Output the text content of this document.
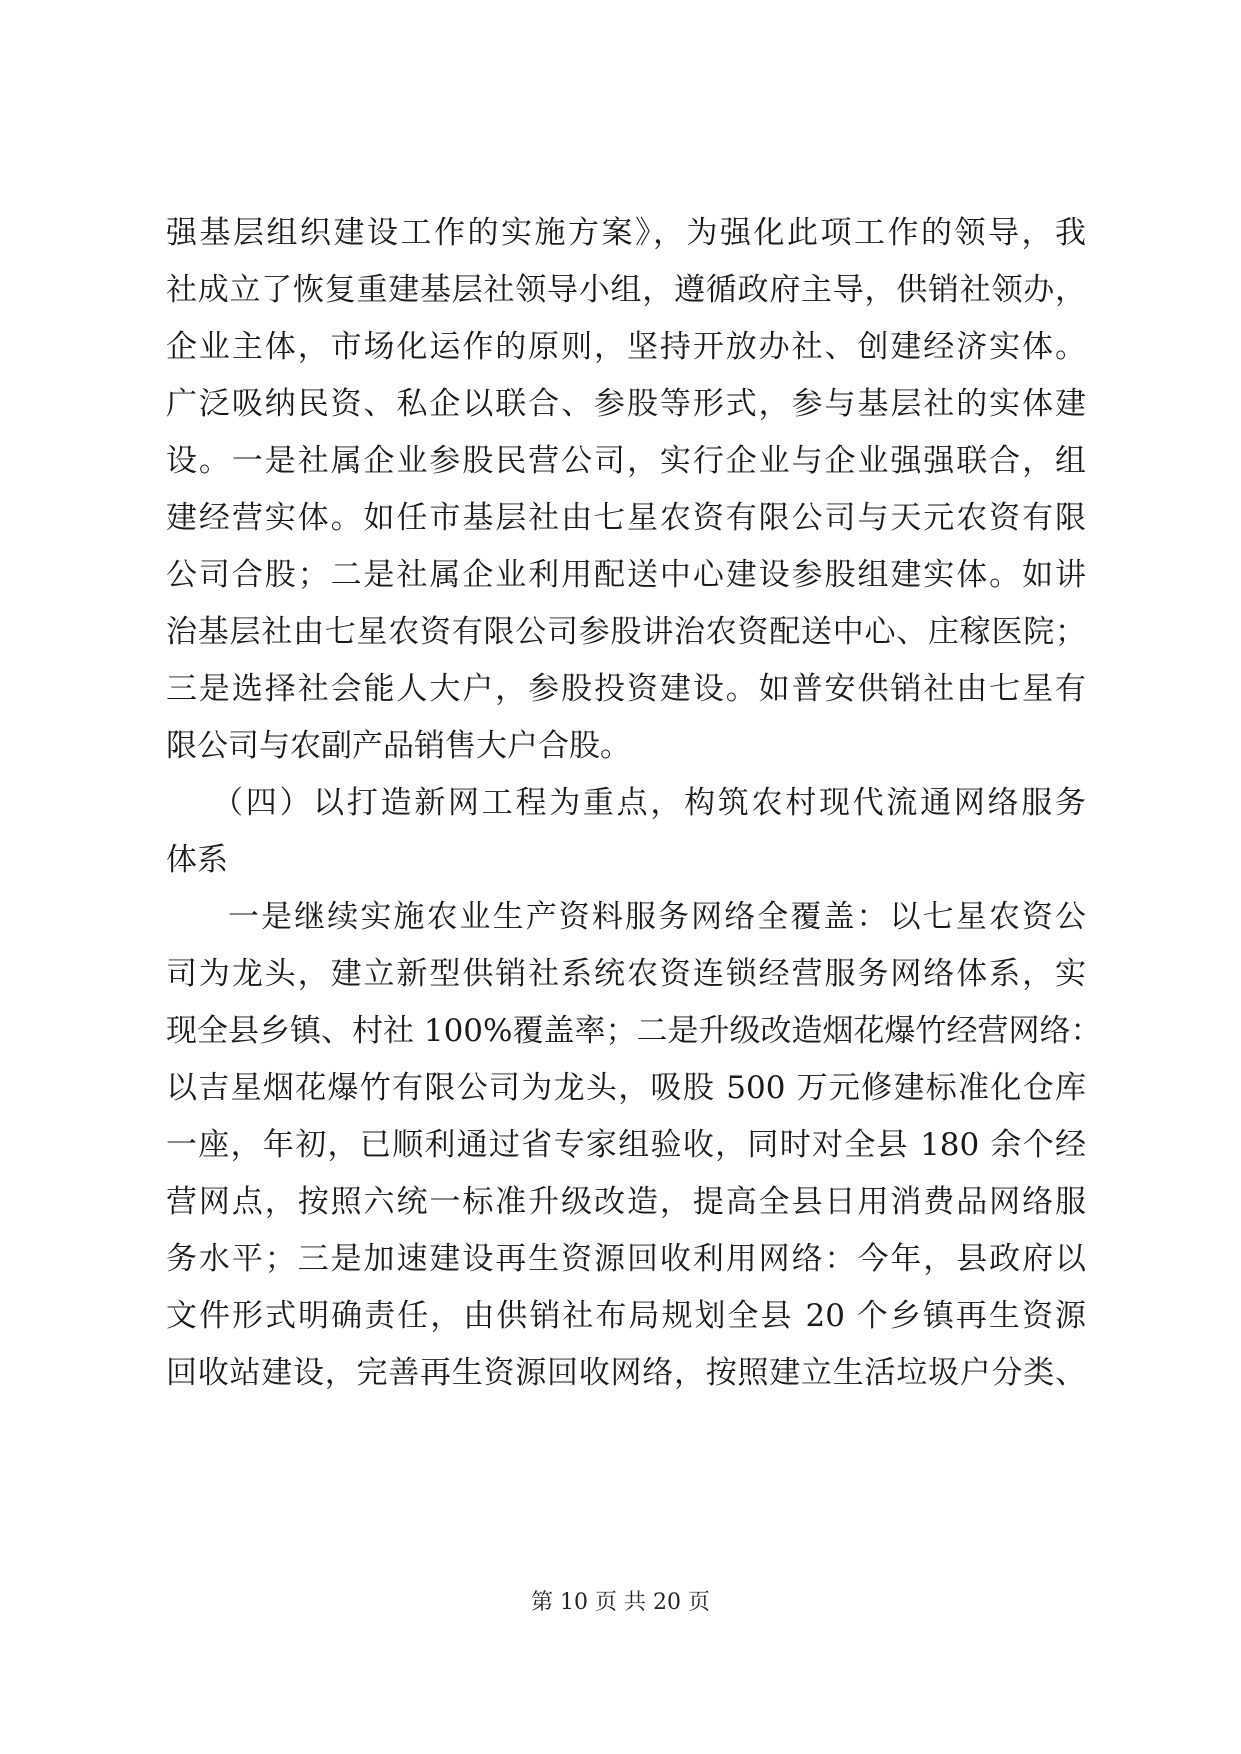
强基层组织建设工作的实施方案》，为强化此项工作的领导，我
社成立了恢复重建基层社领导小组，遵循政府主导，供销社领办，
企业主体，市场化运作的原则，坚持开放办社、创建经济实体。
广泛吸纳民资、私企以联合、参股等形式，参与基层社的实体建
设。一是社属企业参股民营公司，实行企业与企业强强联合，组
建经营实体。如任市基层社由七星农资有限公司与天元农资有限
公司合股；二是社属企业利用配送中心建设参股组建实体。如讲
治基层社由七星农资有限公司参股讲治农资配送中心、庄稼医院；
三是选择社会能人大户，参股投资建设。如普安供销社由七星有
限公司与农副产品销售大户合股。
（四）以打造新网工程为重点，构筑农村现代流通网络服务
体系
一是继续实施农业生产资料服务网络全覆盖：以七星农资公
司为龙头，建立新型供销社系统农资连锁经营服务网络体系，实
现全县乡镇、村社 100%覆盖率；二是升级改造烟花爆竹经营网络：
以吉星烟花爆竹有限公司为龙头，吸股 500 万元修建标准化仓库
一座，年初，已顺利通过省专家组验收，同时对全县 180 余个经
营网点，按照六统一标准升级改造，提高全县日用消费品网络服
务水平；三是加速建设再生资源回收利用网络：今年，县政府以
文件形式明确责任，由供销社布局规划全县 20 个乡镇再生资源
回收站建设，完善再生资源回收网络，按照建立生活垃圾户分类、
第 10 页 共 20 页
